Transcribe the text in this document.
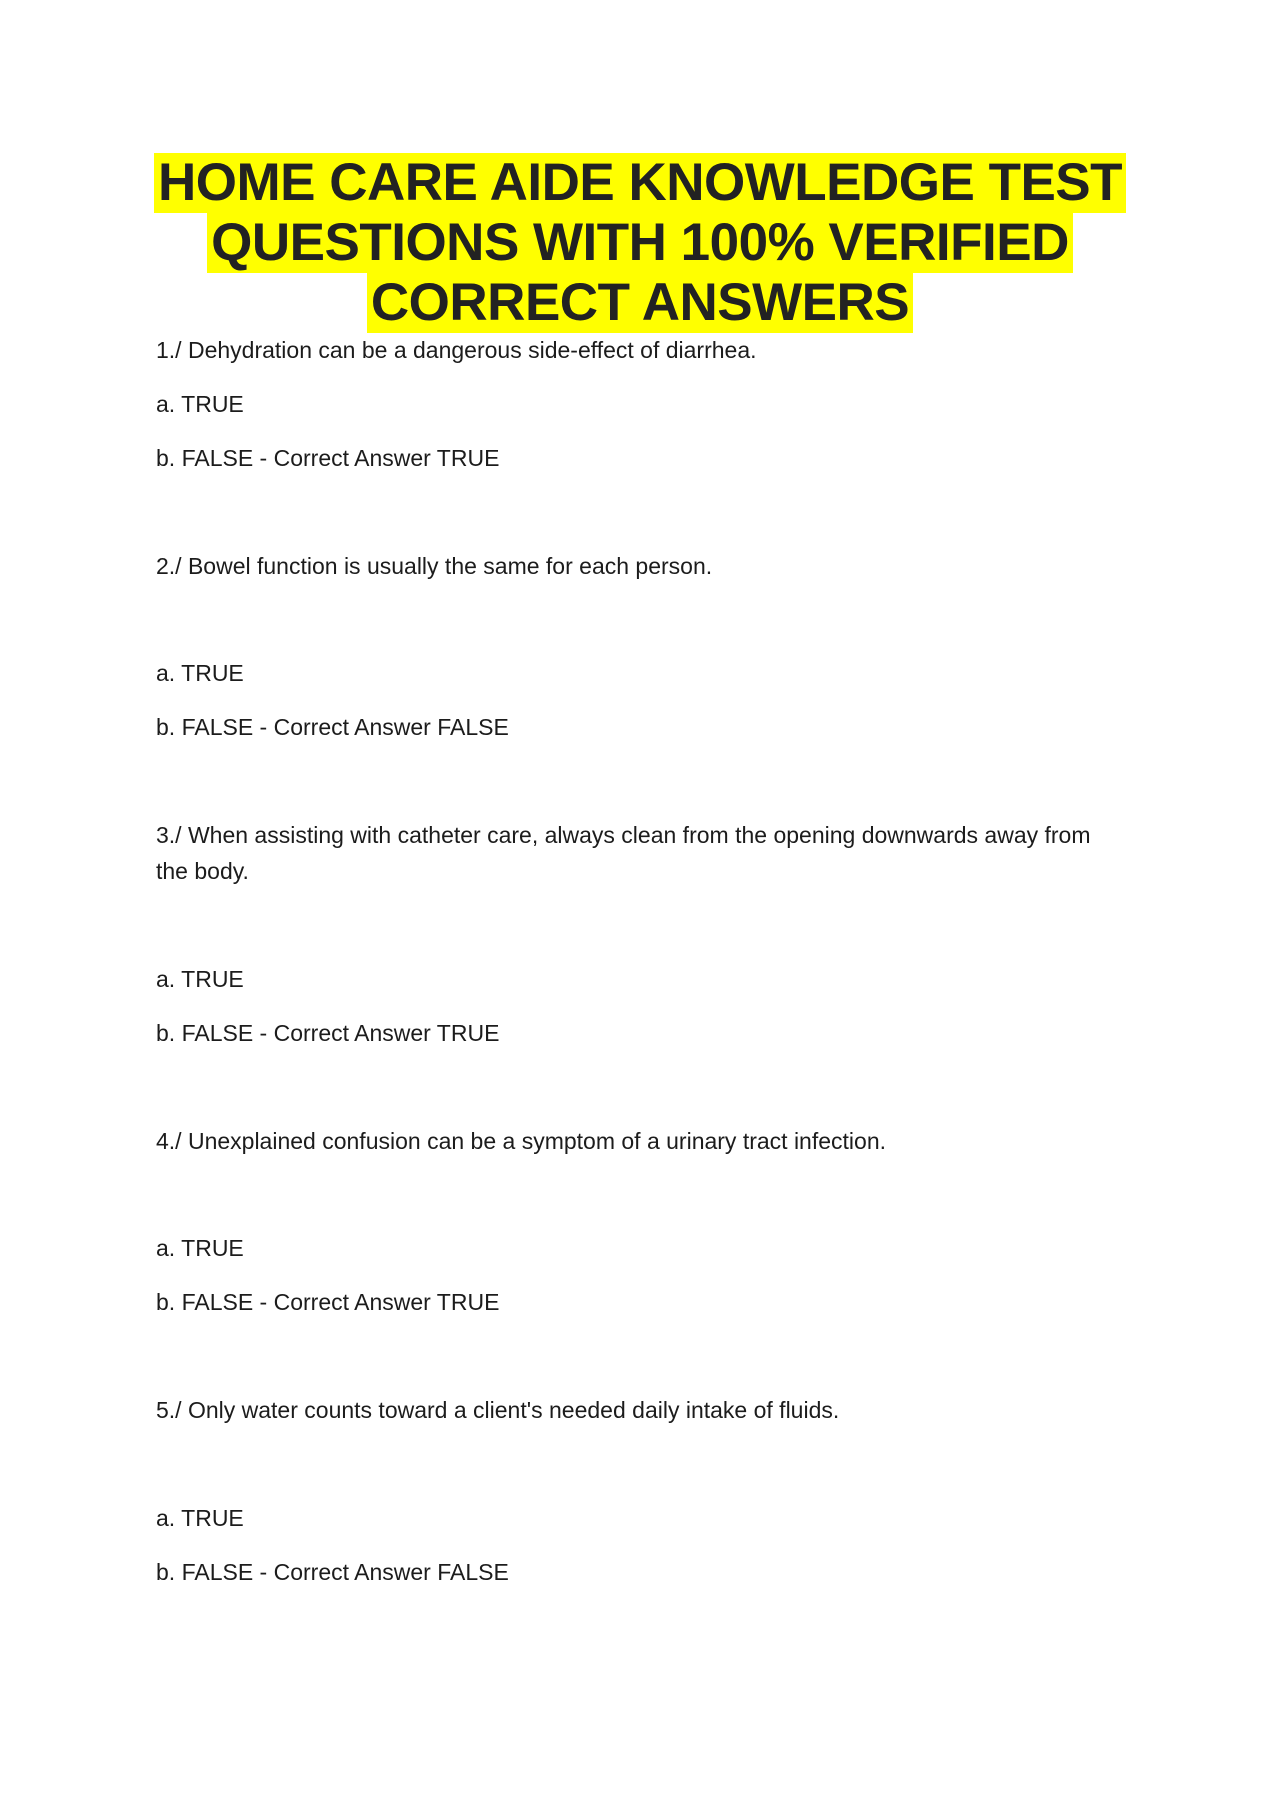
HOME CARE AIDE KNOWLEDGE TEST
QUESTIONS WITH 100% VERIFIED
CORRECT ANSWERS
1./ Dehydration can be a dangerous side-effect of diarrhea.
a. TRUE
b. FALSE - Correct Answer TRUE
2./ Bowel function is usually the same for each person.
a. TRUE
b. FALSE - Correct Answer FALSE
3./ When assisting with catheter care, always clean from the opening downwards away from
the body.
a. TRUE
b. FALSE - Correct Answer TRUE
4./ Unexplained confusion can be a symptom of a urinary tract infection.
a. TRUE
b. FALSE - Correct Answer TRUE
5./ Only water counts toward a client's needed daily intake of fluids.
a. TRUE
b. FALSE - Correct Answer FALSE
